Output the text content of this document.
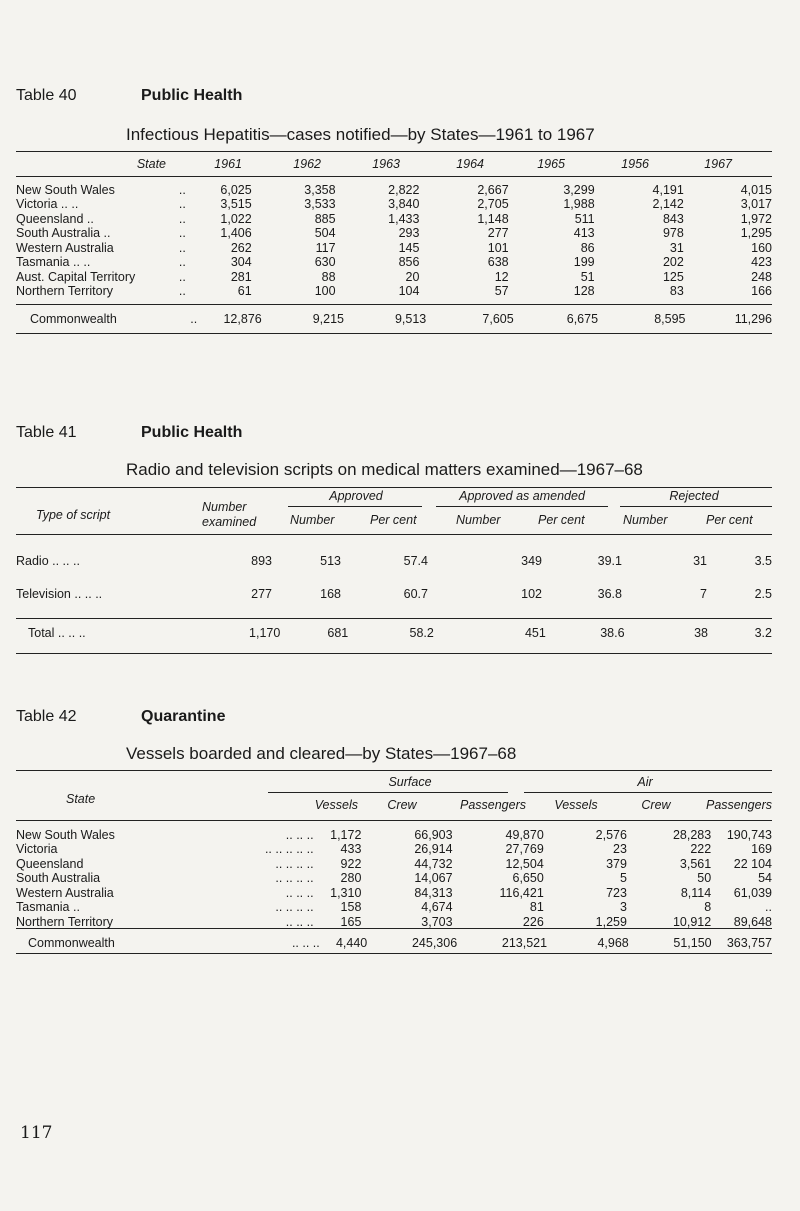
Table 40	Public Health
Infectious Hepatitis—cases notified—by States—1961 to 1967
State	1961	1962	1963	1964	1965	1956	1967	
New South Wales	..	6,025	3,358	2,822	2,667	3,299	4,191	4,015
Victoria .. ..	..	3,515	3,533	3,840	2,705	1,988	2,142	3,017
Queensland ..	..	1,022	885	1,433	1,148	511	843	1,972
South Australia ..	..	1,406	504	293	277	413	978	1,295
Western Australia	..	262	117	145	101	86	31	160
Tasmania .. ..	..	304	630	856	638	199	202	423
Aust. Capital Territory	..	281	88	20	12	51	125	248
Northern Territory	..	61	100	104	57	128	83	166
Commonwealth	..	12,876	9,215	9,513	7,605	6,675	8,595	11,296
Table 41	Public Health
Radio and television scripts on medical matters examined—1967–68
Type of script
Number examined
Approved	Approved as amended	Rejected
Number	Per cent	Number	Per cent	Number	Per cent
Radio .. .. ..	893	513	57.4	349	39.1	31	3.5
Television .. .. ..	277	168	60.7	102	36.8	7	2.5
Total .. .. ..	1,170	681	58.2	451	38.6	38	3.2
Table 42	Quarantine
Vessels boarded and cleared—by States—1967–68
State
Surface	Air
	Vessels	Crew	Passengers	Vessels	Crew	Passengers
New South Wales	.. .. ..	1,172	66,903	49,870	2,576	28,283	190,743
Victoria	.. .. .. .. ..	433	26,914	27,769	23	222	169
Queensland	.. .. .. ..	922	44,732	12,504	379	3,561	22 104
South Australia	.. .. .. ..	280	14,067	6,650	5	50	54
Western Australia	.. .. ..	1,310	84,313	116,421	723	8,114	61,039
Tasmania ..	.. .. .. ..	158	4,674	81	3	8	..
Northern Territory	.. .. ..	165	3,703	226	1,259	10,912	89,648
Commonwealth	.. .. ..	4,440	245,306	213,521	4,968	51,150	363,757
117
